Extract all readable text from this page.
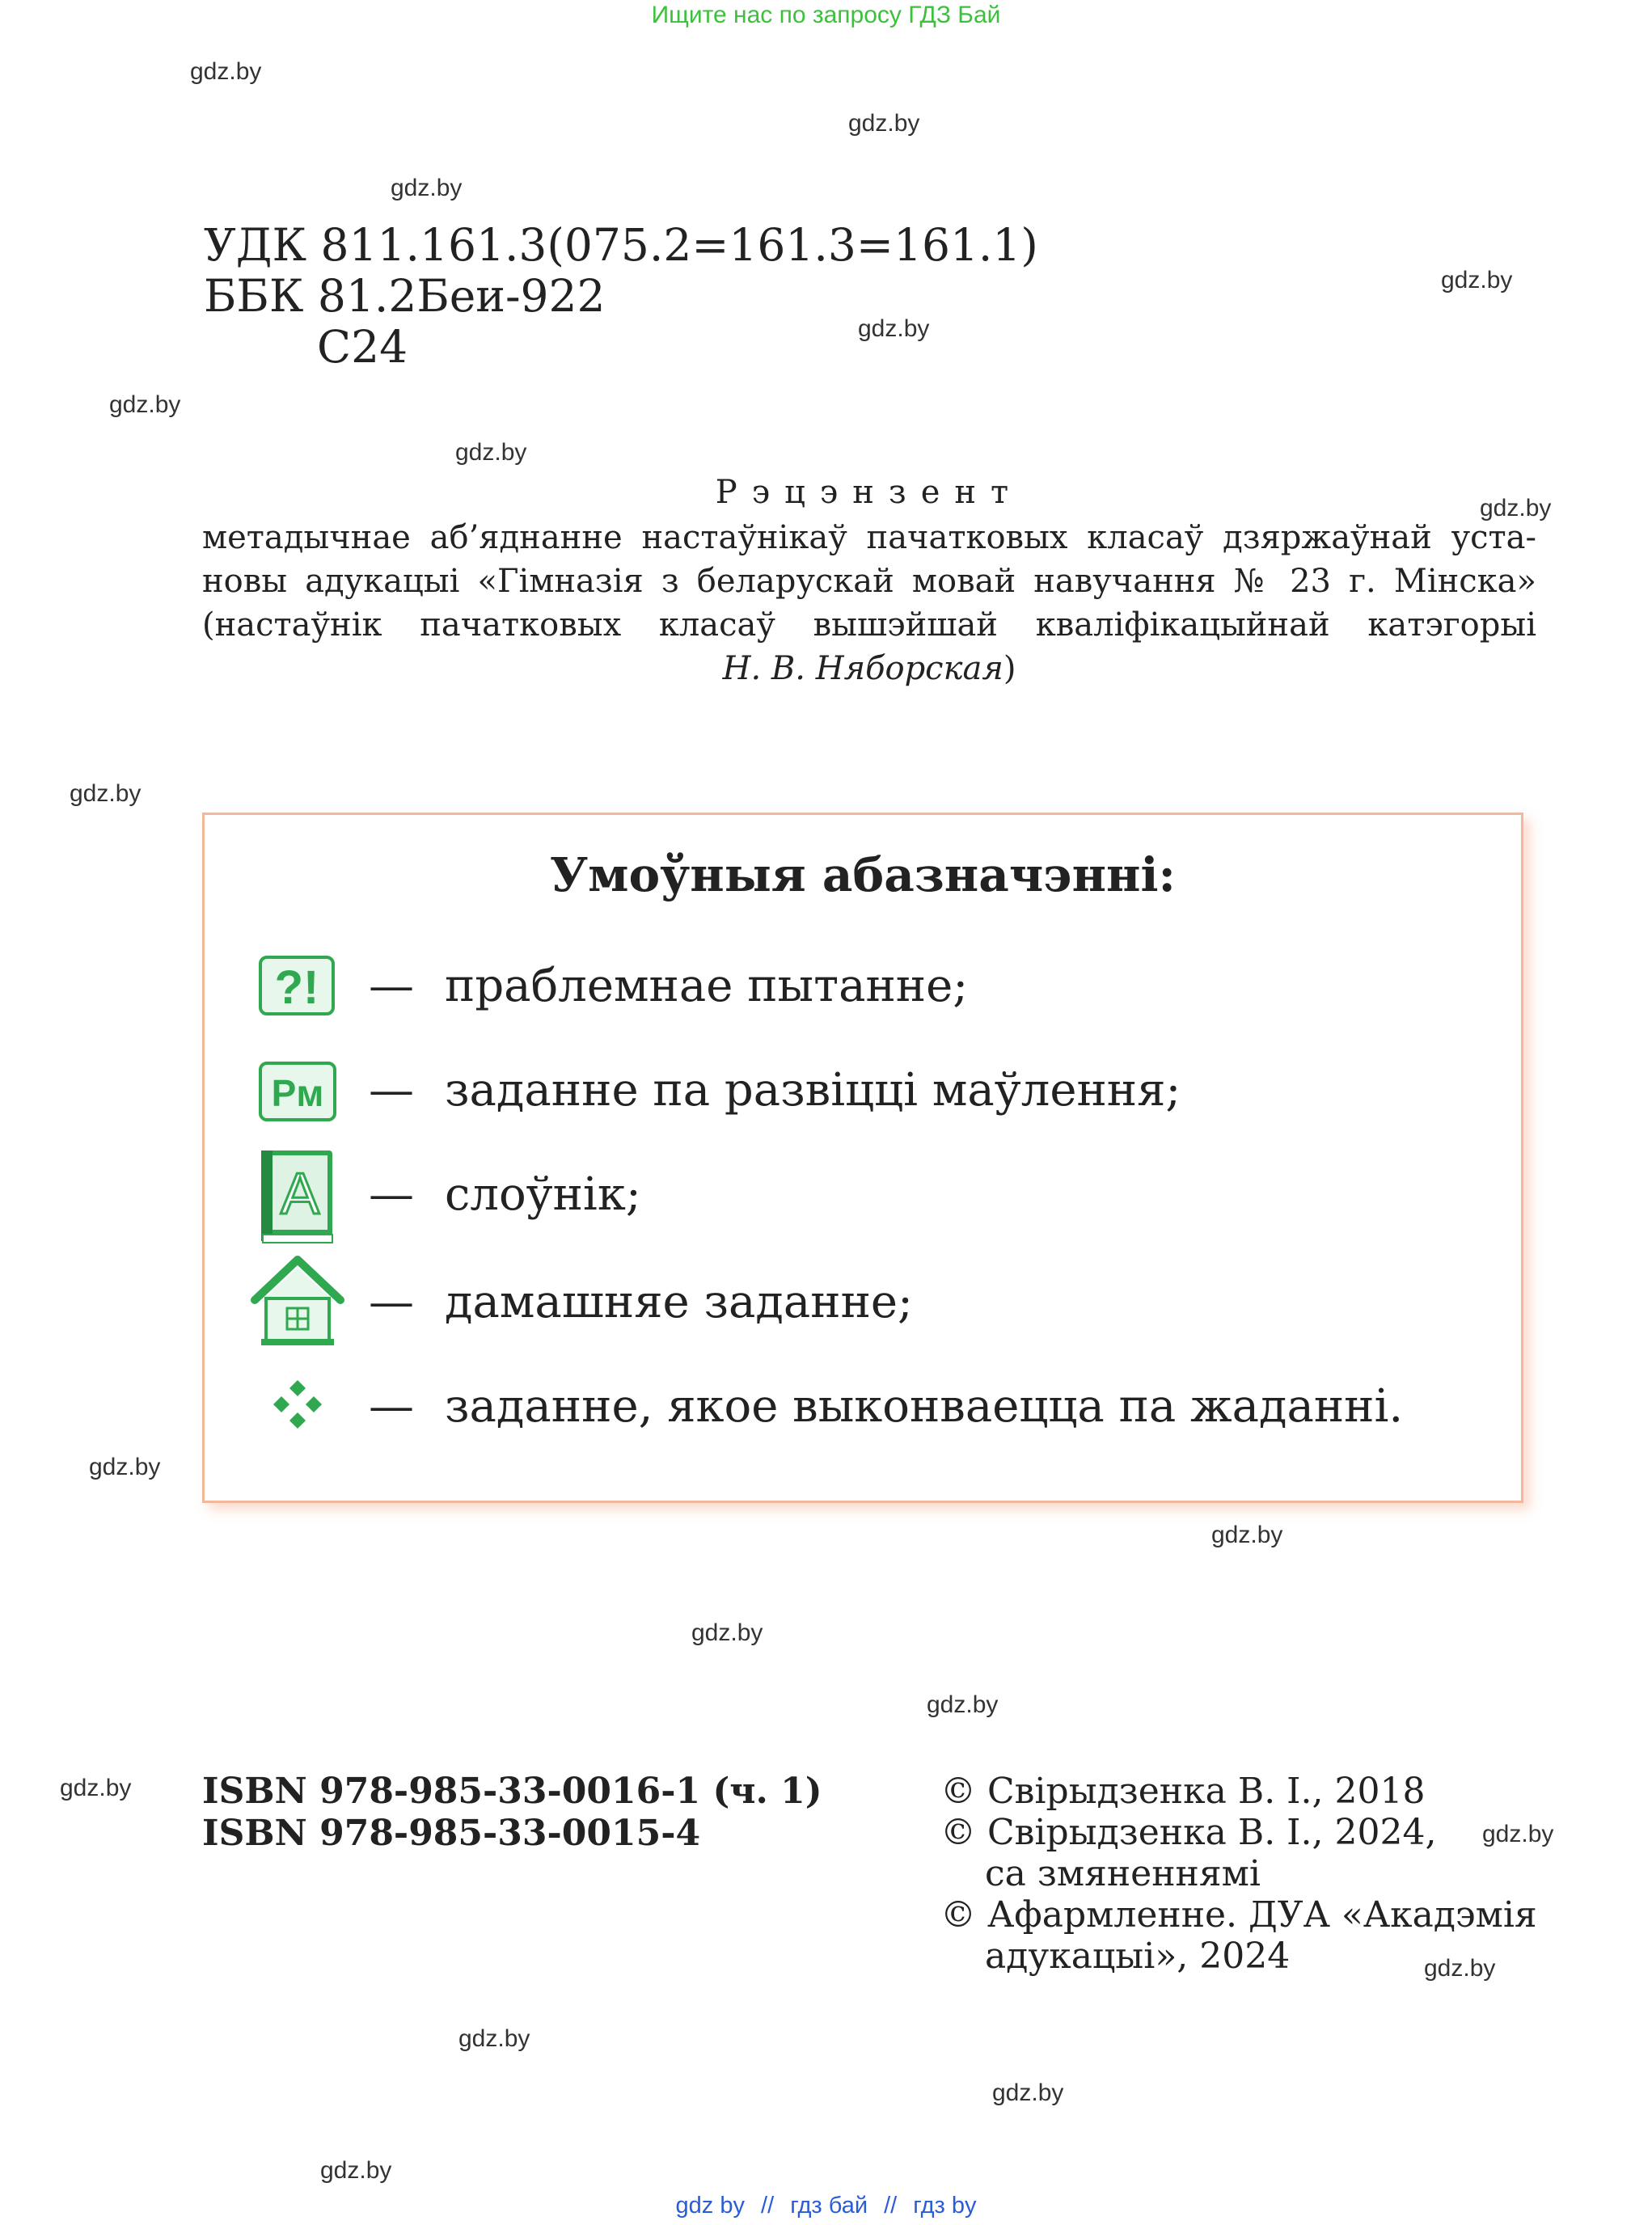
Ищите нас по запросу ГДЗ Бай
gdz.by
gdz.by
gdz.by
gdz.by
gdz.by
gdz.by
gdz.by
gdz.by
gdz.by
gdz.by
gdz.by
gdz.by
gdz.by
gdz.by
gdz.by
gdz.by
gdz.by
gdz.by
gdz.by
УДК 811.161.3(075.2=161.3=161.1)
ББК 81.2Беи-922
С24
Рэцэнзент
метадычнае аб’яднанне настаўнікаў пачатковых класаў дзяржаўнай уста-
новы адукацыі «Гімназія з беларускай мовай навучання № 23 г. Мінска»
(настаўнік пачатковых класаў вышэйшай кваліфікацыйнай катэгорыі
Н. В. Няборская)
Умоўныя абазначэнні:
?! — праблемнае пытанне;
Рм — заданне па развіцці маўлення;
А — слоўнік;
— дамашняе заданне;
— заданне, якое выконваецца па жаданні.
ISBN 978-985-33-0016-1 (ч. 1)
ISBN 978-985-33-0015-4
© Свірыдзенка В. І., 2018
© Свірыдзенка В. І., 2024,
са змяненнямі
© Афармленне. ДУА «Акадэмія
адукацыі», 2024
gdz by // гдз бай // гдз by
